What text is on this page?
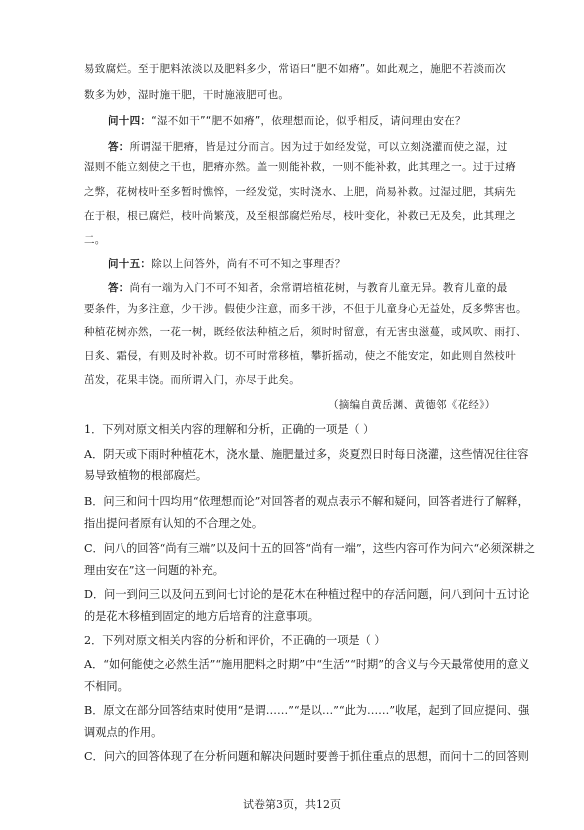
易致腐烂。至于肥料浓淡以及肥料多少，常语曰“肥不如瘠”。如此观之，施肥不若淡而次
数多为妙，湿时施干肥，干时施液肥可也。
问十四：“湿不如干”“肥不如瘠”，依理想而论，似乎相反，请问理由安在？
答：所谓湿干肥瘠，皆是过分而言。因为过于如经发觉，可以立刻浇灌而使之湿，过
湿则不能立刻使之干也，肥瘠亦然。盖一则能补救，一则不能补救，此其理之一。过于过瘠
之弊，花树枝叶至多暂时憔悴，一经发觉，实时浇水、上肥，尚易补救。过湿过肥，其病先
在于根，根已腐烂，枝叶尚繁茂，及至根部腐烂殆尽，枝叶变化，补救已无及矣，此其理之
二。
问十五：除以上问答外，尚有不可不知之事理否？
答：尚有一端为入门不可不知者，余常谓培植花树，与教育儿童无异。教育儿童的最
要条件，为多注意，少干涉。假使少注意，而多干涉，不但于儿童身心无益处，反多弊害也。
种植花树亦然，一花一树，既经依法种植之后，须时时留意，有无害虫滋蔓，或风吹、雨打、
日炙、霜侵，有则及时补救。切不可时常移植，攀折摇动，使之不能安定，如此则自然枝叶
茁发，花果丰饶。而所谓入门，亦尽于此矣。
（摘编自黄岳渊、黄德邻《花经》）
1．下列对原文相关内容的理解和分析，正确的一项是（ ）
A．阴天或下雨时种植花木，浇水量、施肥量过多，炎夏烈日时每日浇灌，这些情况往往容
易导致植物的根部腐烂。
B．问三和问十四均用“依理想而论”对回答者的观点表示不解和疑问，回答者进行了解释，
指出提问者原有认知的不合理之处。
C．问八的回答“尚有三端”以及问十五的回答“尚有一端”，这些内容可作为问六“必须深耕之
理由安在”这一问题的补充。
D．问一到问三以及问五到问七讨论的是花木在种植过程中的存活问题，问八到问十五讨论
的是花木移植到固定的地方后培育的注意事项。
2．下列对原文相关内容的分析和评价，不正确的一项是（ ）
A．“如何能使之必然生活”“施用肥料之时期”中“生活”“时期”的含义与今天最常使用的意义
不相同。
B．原文在部分回答结束时使用“是谓……”“是以…”“此为……”收尾，起到了回应提问、强
调观点的作用。
C．问六的回答体现了在分析问题和解决问题时要善于抓住重点的思想，而问十二的回答则
试卷第3页，共12页
